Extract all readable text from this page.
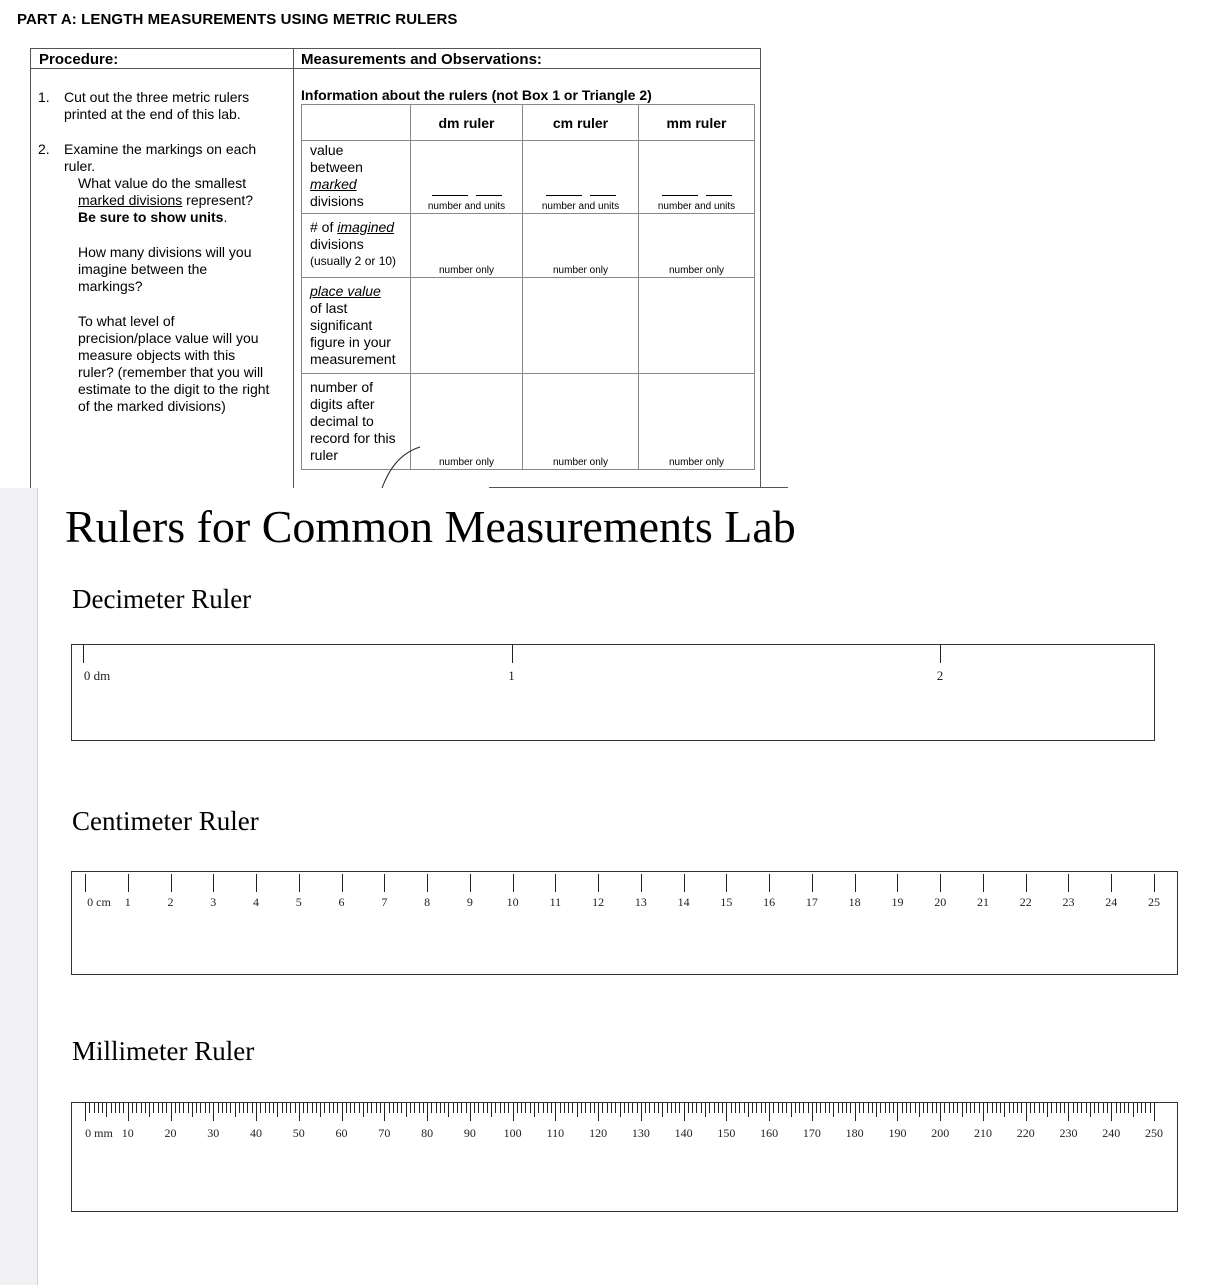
PART A: LENGTH MEASUREMENTS USING METRIC RULERS
Procedure:	Measurements and Observations:
1. Cut out the three metric rulers
printed at the end of this lab.
2. Examine the markings on each
ruler.
What value do the smallest
marked divisions represent?
Be sure to show units.
How many divisions will you
imagine between the
markings?
To what level of
precision/place value will you
measure objects with this
ruler? (remember that you will
estimate to the digit to the right
of the marked divisions)
Information about the rulers (not Box 1 or Triangle 2)
	dm ruler	cm ruler	mm ruler

value
between
marked
divisions	number and units	number and units	number and units

# of imagined
divisions
(usually 2 or 10)	number only	number only	number only

place value
of last
significant
figure in your
measurement			

number of
digits after
decimal to
record for this
ruler	number only	number only	number only
Rulers for Common Measurements Lab
Decimeter Ruler
0 dm	1	2
Centimeter Ruler
0 cm 1	2	3	4	5	6	7	8	9	10	11	12	13	14	15	16	17	18	19	20	21	22	23	24	25
Millimeter Ruler
0 mm 10	20	30	40	50	60	70	80	90 100 110 120 130 140 150 160 170 180 190 200 210 220 230 240 250
